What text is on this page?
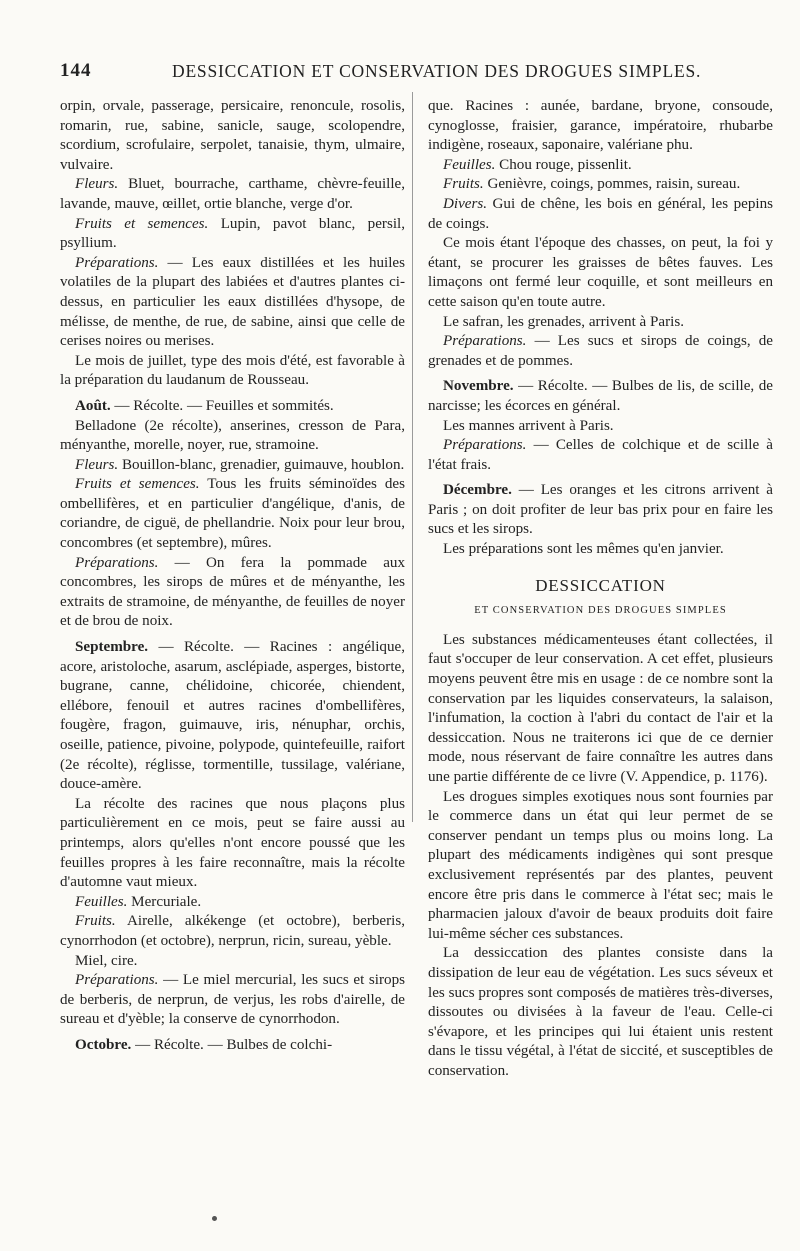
144	DESSICCATION ET CONSERVATION DES DROGUES SIMPLES.

orpin, orvale, passerage, persicaire, renoncule, rosolis, romarin, rue, sabine, sanicle, sauge, scolopendre, scordium, scrofulaire, serpolet, tanaisie, thym, ulmaire, vulvaire.

Fleurs. Bluet, bourrache, carthame, chèvre-feuille, lavande, mauve, œillet, ortie blanche, verge d'or.

Fruits et semences. Lupin, pavot blanc, persil, psyllium.

Préparations. — Les eaux distillées et les huiles volatiles de la plupart des labiées et d'autres plantes ci-dessus, en particulier les eaux distillées d'hysope, de mélisse, de menthe, de rue, de sabine, ainsi que celle de cerises noires ou merises.

Le mois de juillet, type des mois d'été, est favorable à la préparation du laudanum de Rousseau.

Août. — Récolte. — Feuilles et sommités.

Belladone (2e récolte), anserines, cresson de Para, ményanthe, morelle, noyer, rue, stramoine.

Fleurs. Bouillon-blanc, grenadier, guimauve, houblon.

Fruits et semences. Tous les fruits séminoïdes des ombellifères, et en particulier d'angélique, d'anis, de coriandre, de ciguë, de phellandrie. Noix pour leur brou, concombres (et septembre), mûres.

Préparations. — On fera la pommade aux concombres, les sirops de mûres et de ményanthe, les extraits de stramoine, de ményanthe, de feuilles de noyer et de brou de noix.

Septembre. — Récolte. — Racines : angélique, acore, aristoloche, asarum, asclépiade, asperges, bistorte, bugrane, canne, chélidoine, chicorée, chiendent, ellébore, fenouil et autres racines d'ombellifères, fougère, fragon, guimauve, iris, nénuphar, orchis, oseille, patience, pivoine, polypode, quintefeuille, raifort (2e récolte), réglisse, tormentille, tussilage, valériane, douce-amère.

La récolte des racines que nous plaçons plus particulièrement en ce mois, peut se faire aussi au printemps, alors qu'elles n'ont encore poussé que les feuilles propres à les faire reconnaître, mais la récolte d'automne vaut mieux.

Feuilles. Mercuriale.

Fruits. Airelle, alkékenge (et octobre), berberis, cynorrhodon (et octobre), nerprun, ricin, sureau, yèble.

Miel, cire.

Préparations. — Le miel mercurial, les sucs et sirops de berberis, de nerprun, de verjus, les robs d'airelle, de sureau et d'yèble; la conserve de cynorrhodon.

Octobre. — Récolte. — Bulbes de colchi-

que. Racines : aunée, bardane, bryone, consoude, cynoglosse, fraisier, garance, impératoire, rhubarbe indigène, roseaux, saponaire, valériane phu.

Feuilles. Chou rouge, pissenlit.

Fruits. Genièvre, coings, pommes, raisin, sureau.

Divers. Gui de chêne, les bois en général, les pepins de coings.

Ce mois étant l'époque des chasses, on peut, la foi y étant, se procurer les graisses de bêtes fauves. Les limaçons ont fermé leur coquille, et sont meilleurs en cette saison qu'en toute autre.

Le safran, les grenades, arrivent à Paris.

Préparations. — Les sucs et sirops de coings, de grenades et de pommes.

Novembre. — Récolte. — Bulbes de lis, de scille, de narcisse; les écorces en général.

Les mannes arrivent à Paris.

Préparations. — Celles de colchique et de scille à l'état frais.

Décembre. — Les oranges et les citrons arrivent à Paris ; on doit profiter de leur bas prix pour en faire les sucs et les sirops.

Les préparations sont les mêmes qu'en janvier.

DESSICCATION

ET CONSERVATION DES DROGUES SIMPLES

Les substances médicamenteuses étant collectées, il faut s'occuper de leur conservation. A cet effet, plusieurs moyens peuvent être mis en usage : de ce nombre sont la conservation par les liquides conservateurs, la salaison, l'infumation, la coction à l'abri du contact de l'air et la dessiccation. Nous ne traiterons ici que de ce dernier mode, nous réservant de faire connaître les autres dans une partie différente de ce livre (V. Appendice, p. 1176).

Les drogues simples exotiques nous sont fournies par le commerce dans un état qui leur permet de se conserver pendant un temps plus ou moins long. La plupart des médicaments indigènes qui sont presque exclusivement représentés par des plantes, peuvent encore être pris dans le commerce à l'état sec; mais le pharmacien jaloux d'avoir de beaux produits doit faire lui-même sécher ces substances.

La dessiccation des plantes consiste dans la dissipation de leur eau de végétation. Les sucs séveux et les sucs propres sont composés de matières très-diverses, dissoutes ou divisées à la faveur de l'eau. Celle-ci s'évapore, et les principes qui lui étaient unis restent dans le tissu végétal, à l'état de siccité, et susceptibles de conservation.
